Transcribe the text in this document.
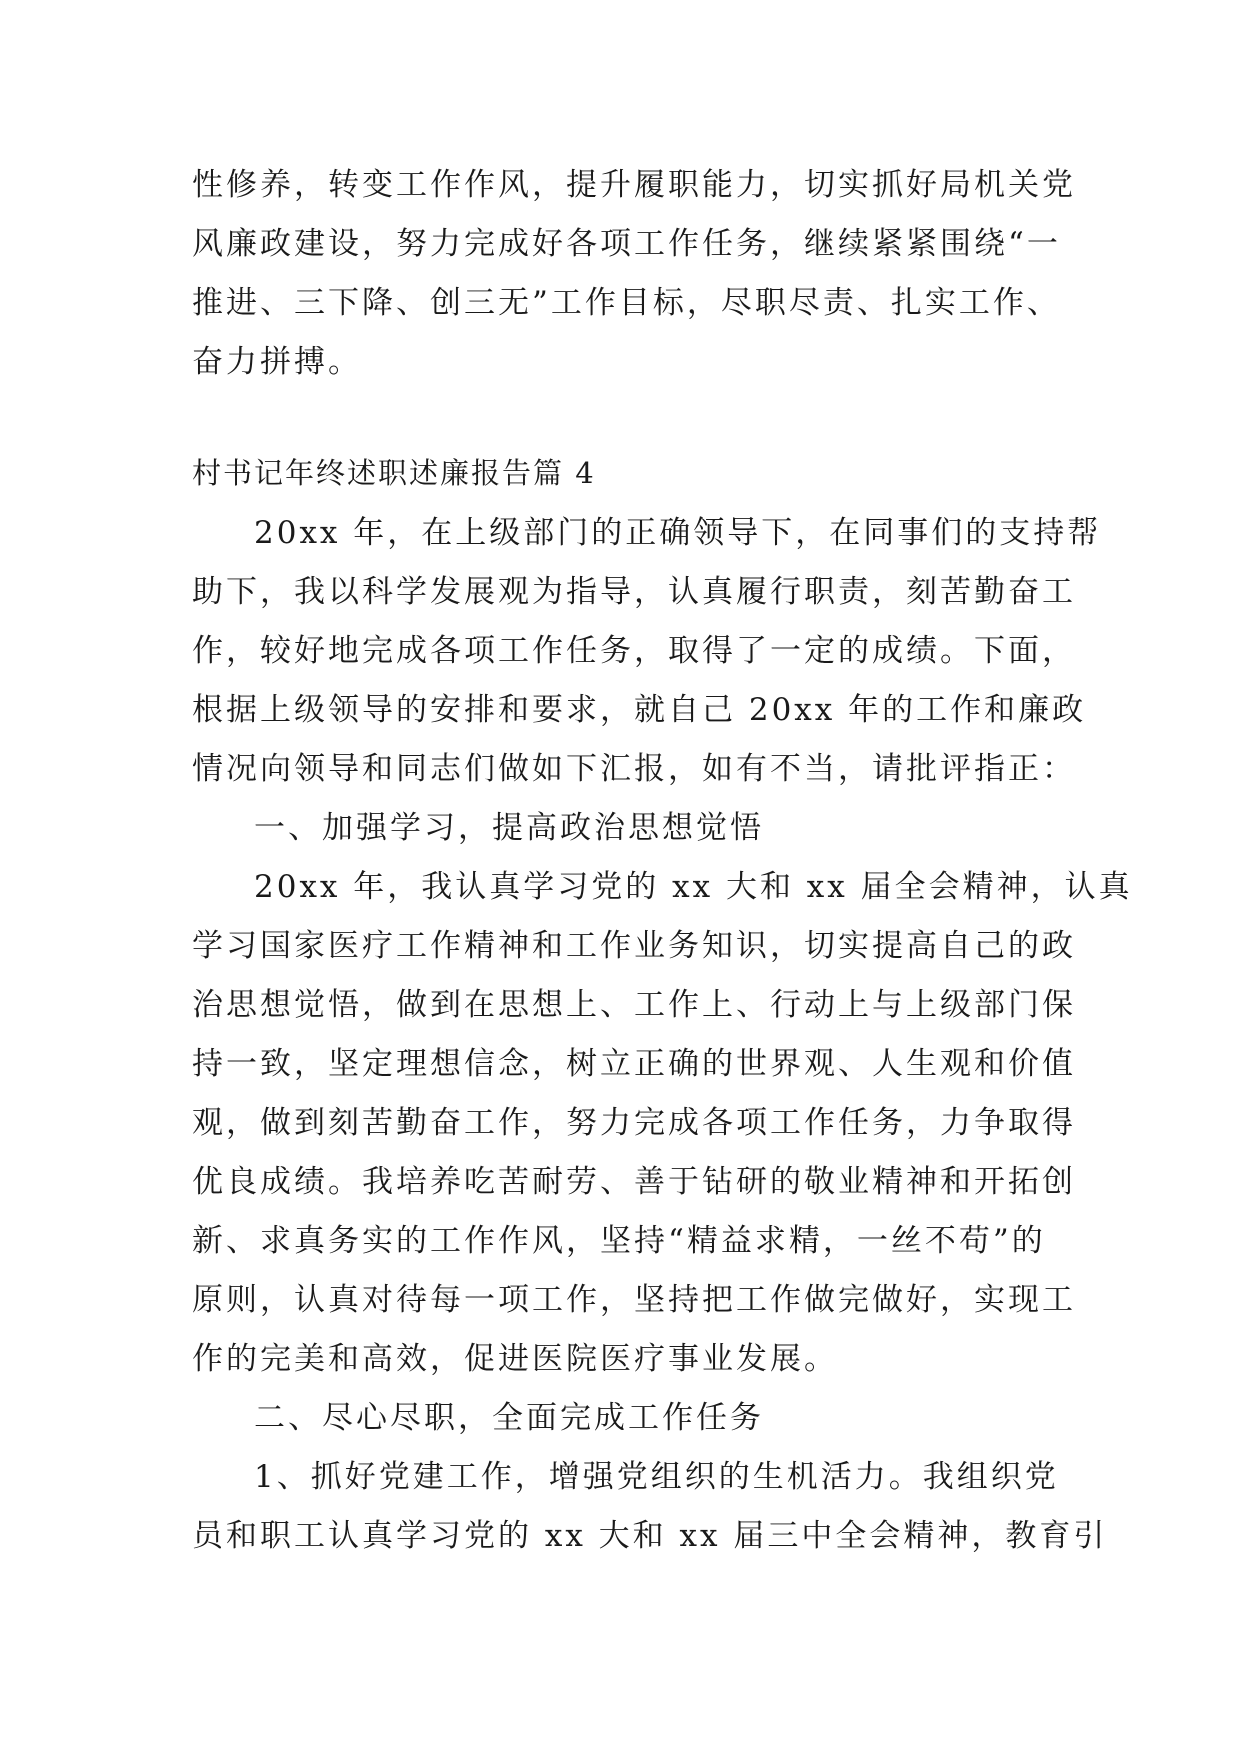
性修养，转变工作作风，提升履职能力，切实抓好局机关党
风廉政建设，努力完成好各项工作任务，继续紧紧围绕“一
推进、三下降、创三无”工作目标，尽职尽责、扎实工作、
奋力拼搏。
村书记年终述职述廉报告篇 4
20xx 年，在上级部门的正确领导下，在同事们的支持帮
助下，我以科学发展观为指导，认真履行职责，刻苦勤奋工
作，较好地完成各项工作任务，取得了一定的成绩。下面，
根据上级领导的安排和要求，就自己 20xx 年的工作和廉政
情况向领导和同志们做如下汇报，如有不当，请批评指正：
一、加强学习，提高政治思想觉悟
20xx 年，我认真学习党的 xx 大和 xx 届全会精神，认真
学习国家医疗工作精神和工作业务知识，切实提高自己的政
治思想觉悟，做到在思想上、工作上、行动上与上级部门保
持一致，坚定理想信念，树立正确的世界观、人生观和价值
观，做到刻苦勤奋工作，努力完成各项工作任务，力争取得
优良成绩。我培养吃苦耐劳、善于钻研的敬业精神和开拓创
新、求真务实的工作作风，坚持“精益求精，一丝不苟”的
原则，认真对待每一项工作，坚持把工作做完做好，实现工
作的完美和高效，促进医院医疗事业发展。
二、尽心尽职，全面完成工作任务
1、抓好党建工作，增强党组织的生机活力。我组织党
员和职工认真学习党的 xx 大和 xx 届三中全会精神，教育引
